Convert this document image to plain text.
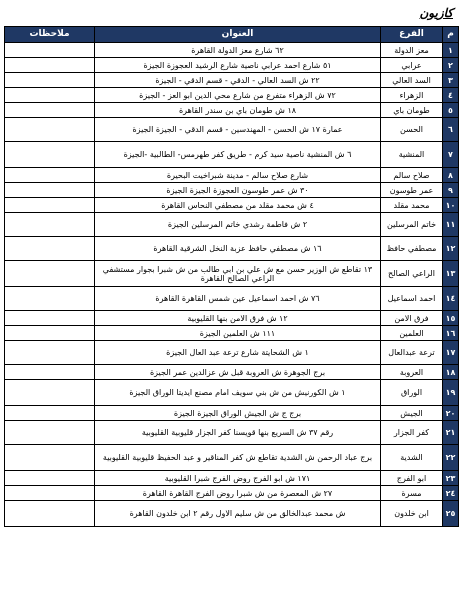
كازيون
م	الفرع	العنوان	ملاحظات
١	معز الدولة	٦٢ شارع معز الدولة القاهرة	
٢	عرابي	٥١ شارع احمد عرابي ناصية شارع الرشيد العجوزة الجيزة	
٣	السد العالي	٢٢ ش السد العالي - الدقي - قسم الدقي - الجيزة	
٤	الزهراء	٧٢ ش الزهراء متفرع من شارع محي الدين ابو العز - الجيزة	
٥	طومان باي	١٨ ش طومان باي بن سندر القاهرة	
٦	الحسن	عمارة ١٧ ش الحسن - المهندسين - قسم الدقي - الجيزة الجيزة	
٧	المنشية	٦ ش المنشية ناصية سيد كرم - طريق كفر طهرمس- الطالبية -الجيزة	
٨	صلاح سالم	شارع صلاح سالم - مدينة شبراخيت البحيرة	
٩	عمر طوسون	٣٠ ش عمر طوسون العجوزة الجيزة الجيزة	
١٠	محمد مقلد	٤ ش محمد مقلد من مصطفي النحاس القاهرة	
١١	خاتم المرسلين	٢ ش فاطمة رشدي خاتم المرسلين الجيزة	
١٢	مصطفي حافظ	١٦ ش مصطفي حافظ عزبة النخل الشرقية القاهرة	
١٣	الراعي الصالح	١٣ تقاطع ش الوزير حسن مع ش علي بن ابي طالب من ش شبرا بجوار مستشفي الراعي الصالح القاهرة	
١٤	احمد اسماعيل	٧٦ ش احمد اسماعيل عين شمس القاهرة القاهرة	
١٥	فرق الامن	١٢ ش فرق الامن بنها القليوبية	
١٦	العلمين	١١١ ش العلمين الجيزة	
١٧	ترعة عبدالعال	١ ش الشحايتة شارع ترعة عبد العال الجيزة	
١٨	العروبة	برج الجوهرة ش العروبة قبل ش عزالدين عمر الجيزة	
١٩	الوراق	١ ش الكورنيش من ش بني سويف امام مصنع ايديتا الوراق الجيزة	
٢٠	الجيش	برج ج ش الجيش الوراق الجيزة الجيزة	
٢١	كفر الجزار	رقم ٣٧ ش السريع بنها قويسنا كفر الجزار قليوبية القليوبية	
٢٢	الشدية	برج عباد الرحمن ش الشدية تقاطع ش كفر المناقير و عبد الحفيظ قليوبية القليوبية	
٢٣	ابو الفرج	١٧١ ش ابو الفرج روض الفرج شبرا القليوبية	
٢٤	مسرة	٢٧ ش المعصرة من ش شبرا روض الفرج القاهرة القاهرة	
٢٥	ابن خلدون	ش محمد عبدالخالق من ش سليم الاول رقم ٢ ابن خلدون القاهرة	
